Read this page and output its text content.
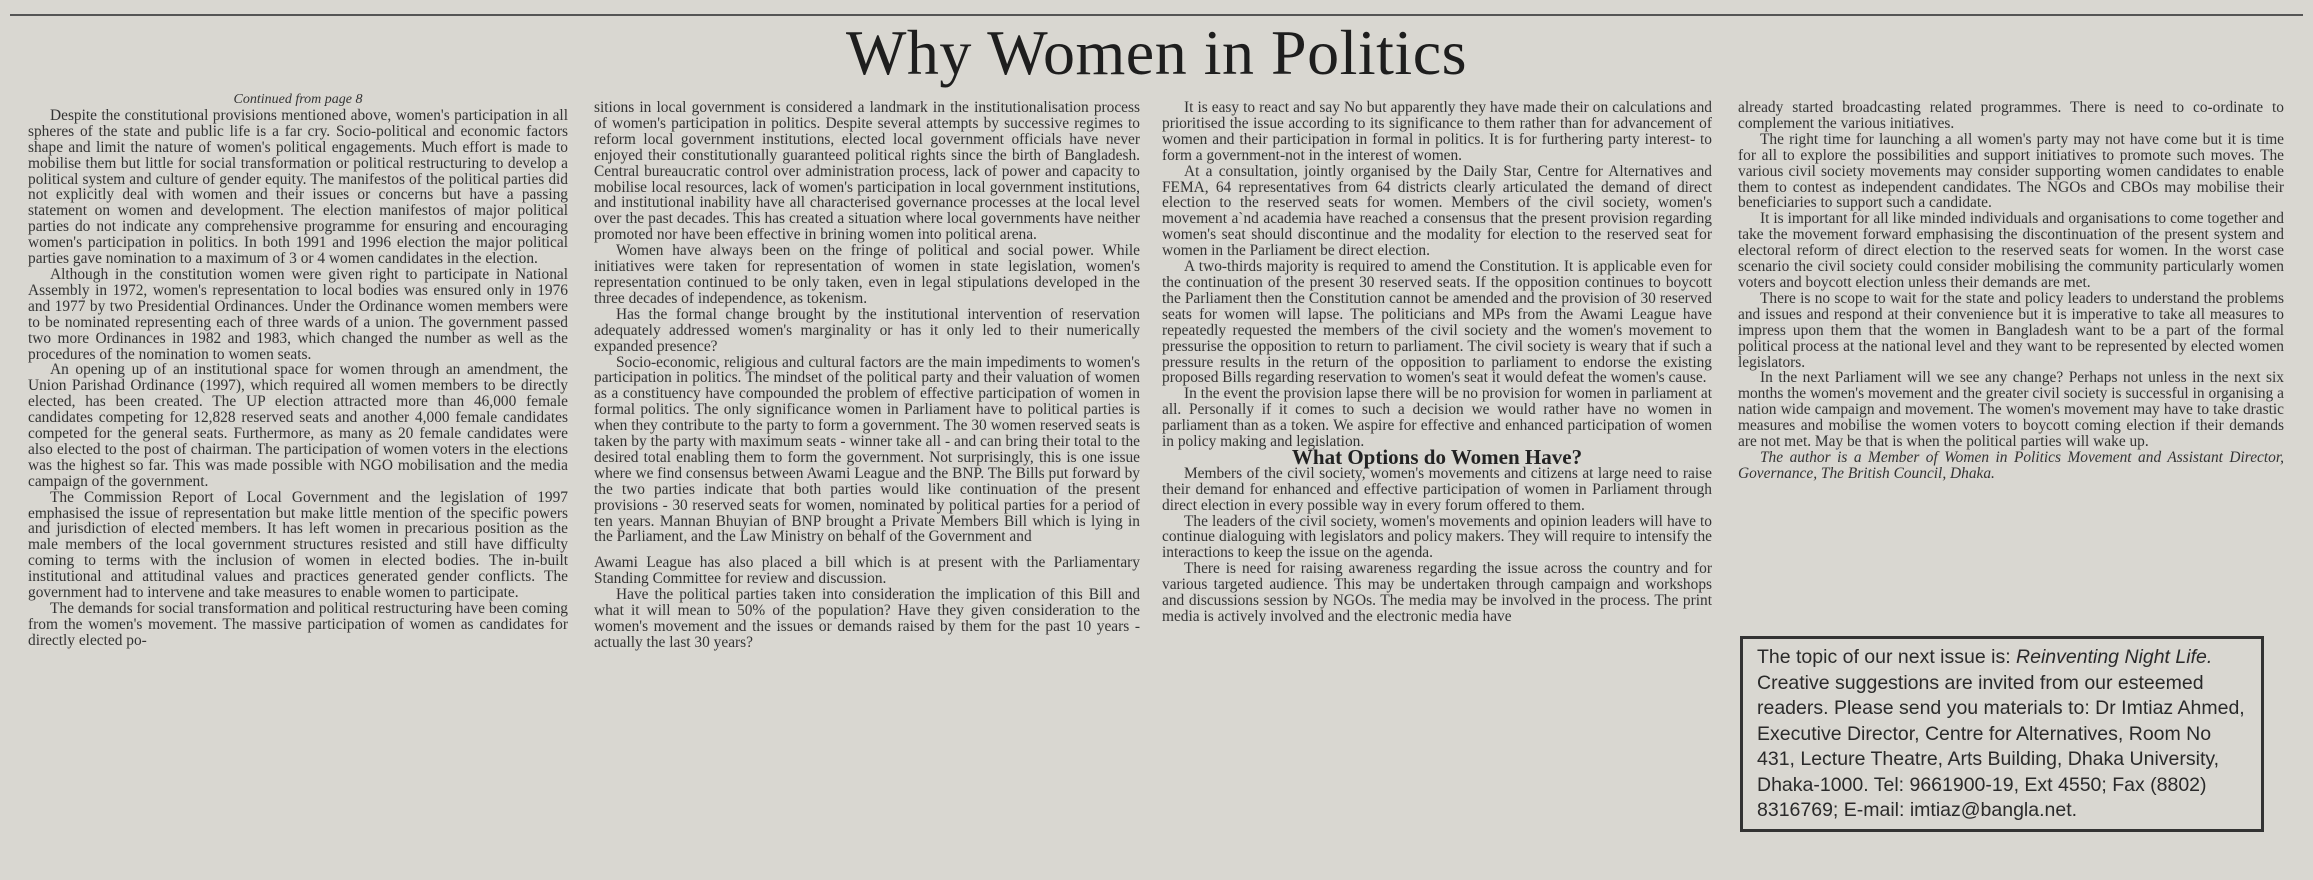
Why Women in Politics

Continued from page 8

Despite the constitutional provisions mentioned above, women's participation in all spheres of the state and public life is a far cry. Socio-political and economic factors shape and limit the nature of women's political engagements. Much effort is made to mobilise them but little for social transformation or political restructuring to develop a political system and culture of gender equity. The manifestos of the political parties did not explicitly deal with women and their issues or concerns but have a passing statement on women and development. The election manifestos of major political parties do not indicate any comprehensive programme for ensuring and encouraging women's participation in politics. In both 1991 and 1996 election the major political parties gave nomination to a maximum of 3 or 4 women candidates in the election.

Although in the constitution women were given right to participate in National Assembly in 1972, women's representation to local bodies was ensured only in 1976 and 1977 by two Presidential Ordinances. Under the Ordinance women members were to be nominated representing each of three wards of a union. The government passed two more Ordinances in 1982 and 1983, which changed the number as well as the procedures of the nomination to women seats.

An opening up of an institutional space for women through an amendment, the Union Parishad Ordinance (1997), which required all women members to be directly elected, has been created. The UP election attracted more than 46,000 female candidates competing for 12,828 reserved seats and another 4,000 female candidates competed for the general seats. Furthermore, as many as 20 female candidates were also elected to the post of chairman. The participation of women voters in the elections was the highest so far. This was made possible with NGO mobilisation and the media campaign of the government.

The Commission Report of Local Government and the legislation of 1997 emphasised the issue of representation but make little mention of the specific powers and jurisdiction of elected members. It has left women in precarious position as the male members of the local government structures resisted and still have difficulty coming to terms with the inclusion of women in elected bodies. The in-built institutional and attitudinal values and practices generated gender conflicts. The government had to intervene and take measures to enable women to participate.

The demands for social transformation and political restructuring have been coming from the women's movement. The massive participation of women as candidates for directly elected po-

sitions in local government is considered a landmark in the institutionalisation process of women's participation in politics. Despite several attempts by successive regimes to reform local government institutions, elected local government officials have never enjoyed their constitutionally guaranteed political rights since the birth of Bangladesh. Central bureaucratic control over administration process, lack of power and capacity to mobilise local resources, lack of women's participation in local government institutions, and institutional inability have all characterised governance processes at the local level over the past decades. This has created a situation where local governments have neither promoted nor have been effective in brining women into political arena.

Women have always been on the fringe of political and social power. While initiatives were taken for representation of women in state legislation, women's representation continued to be only taken, even in legal stipulations developed in the three decades of independence, as tokenism.

Has the formal change brought by the institutional intervention of reservation adequately addressed women's marginality or has it only led to their numerically expanded presence?

Socio-economic, religious and cultural factors are the main impediments to women's participation in politics. The mindset of the political party and their valuation of women as a constituency have compounded the problem of effective participation of women in formal politics. The only significance women in Parliament have to political parties is when they contribute to the party to form a government. The 30 women reserved seats is taken by the party with maximum seats - winner take all - and can bring their total to the desired total enabling them to form the government. Not surprisingly, this is one issue where we find consensus between Awami League and the BNP. The Bills put forward by the two parties indicate that both parties would like continuation of the present provisions - 30 reserved seats for women, nominated by political parties for a period of ten years. Mannan Bhuyian of BNP brought a Private Members Bill which is lying in the Parliament, and the Law Ministry on behalf of the Government and

Awami League has also placed a bill which is at present with the Parliamentary Standing Committee for review and discussion.

Have the political parties taken into consideration the implication of this Bill and what it will mean to 50% of the population? Have they given consideration to the women's movement and the issues or demands raised by them for the past 10 years - actually the last 30 years?

It is easy to react and say No but apparently they have made their on calculations and prioritised the issue according to its significance to them rather than for advancement of women and their participation in formal in politics. It is for furthering party interest- to form a government-not in the interest of women.

At a consultation, jointly organised by the Daily Star, Centre for Alternatives and FEMA, 64 representatives from 64 districts clearly articulated the demand of direct election to the reserved seats for women. Members of the civil society, women's movement a`nd academia have reached a consensus that the present provision regarding women's seat should discontinue and the modality for election to the reserved seat for women in the Parliament be direct election.

A two-thirds majority is required to amend the Constitution. It is applicable even for the continuation of the present 30 reserved seats. If the opposition continues to boycott the Parliament then the Constitution cannot be amended and the provision of 30 reserved seats for women will lapse. The politicians and MPs from the Awami League have repeatedly requested the members of the civil society and the women's movement to pressurise the opposition to return to parliament. The civil society is weary that if such a pressure results in the return of the opposition to parliament to endorse the existing proposed Bills regarding reservation to women's seat it would defeat the women's cause.

In the event the provision lapse there will be no provision for women in parliament at all. Personally if it comes to such a decision we would rather have no women in parliament than as a token. We aspire for effective and enhanced participation of women in policy making and legislation.

What Options do Women Have?

Members of the civil society, women's movements and citizens at large need to raise their demand for enhanced and effective participation of women in Parliament through direct election in every possible way in every forum offered to them.

The leaders of the civil society, women's movements and opinion leaders will have to continue dialoguing with legislators and policy makers. They will require to intensify the interactions to keep the issue on the agenda.

There is need for raising awareness regarding the issue across the country and for various targeted audience. This may be undertaken through campaign and workshops and discussions session by NGOs. The media may be involved in the process. The print media is actively involved and the electronic media have

already started broadcasting related programmes. There is need to co-ordinate to complement the various initiatives.

The right time for launching a all women's party may not have come but it is time for all to explore the possibilities and support initiatives to promote such moves. The various civil society movements may consider supporting women candidates to enable them to contest as independent candidates. The NGOs and CBOs may mobilise their beneficiaries to support such a candidate.

It is important for all like minded individuals and organisations to come together and take the movement forward emphasising the discontinuation of the present system and electoral reform of direct election to the reserved seats for women. In the worst case scenario the civil society could consider mobilising the community particularly women voters and boycott election unless their demands are met.

There is no scope to wait for the state and policy leaders to understand the problems and issues and respond at their convenience but it is imperative to take all measures to impress upon them that the women in Bangladesh want to be a part of the formal political process at the national level and they want to be represented by elected women legislators.

In the next Parliament will we see any change? Perhaps not unless in the next six months the women's movement and the greater civil society is successful in organising a nation wide campaign and movement. The women's movement may have to take drastic measures and mobilise the women voters to boycott coming election if their demands are not met. May be that is when the political parties will wake up.

The author is a Member of Women in Politics Movement and Assistant Director, Governance, The British Council, Dhaka.

The topic of our next issue is: Reinventing Night Life. Creative suggestions are invited from our esteemed readers. Please send you materials to: Dr Imtiaz Ahmed, Executive Director, Centre for Alternatives, Room No 431, Lecture Theatre, Arts Building, Dhaka University, Dhaka-1000. Tel: 9661900-19, Ext 4550; Fax (8802) 8316769; E-mail: imtiaz@bangla.net.
